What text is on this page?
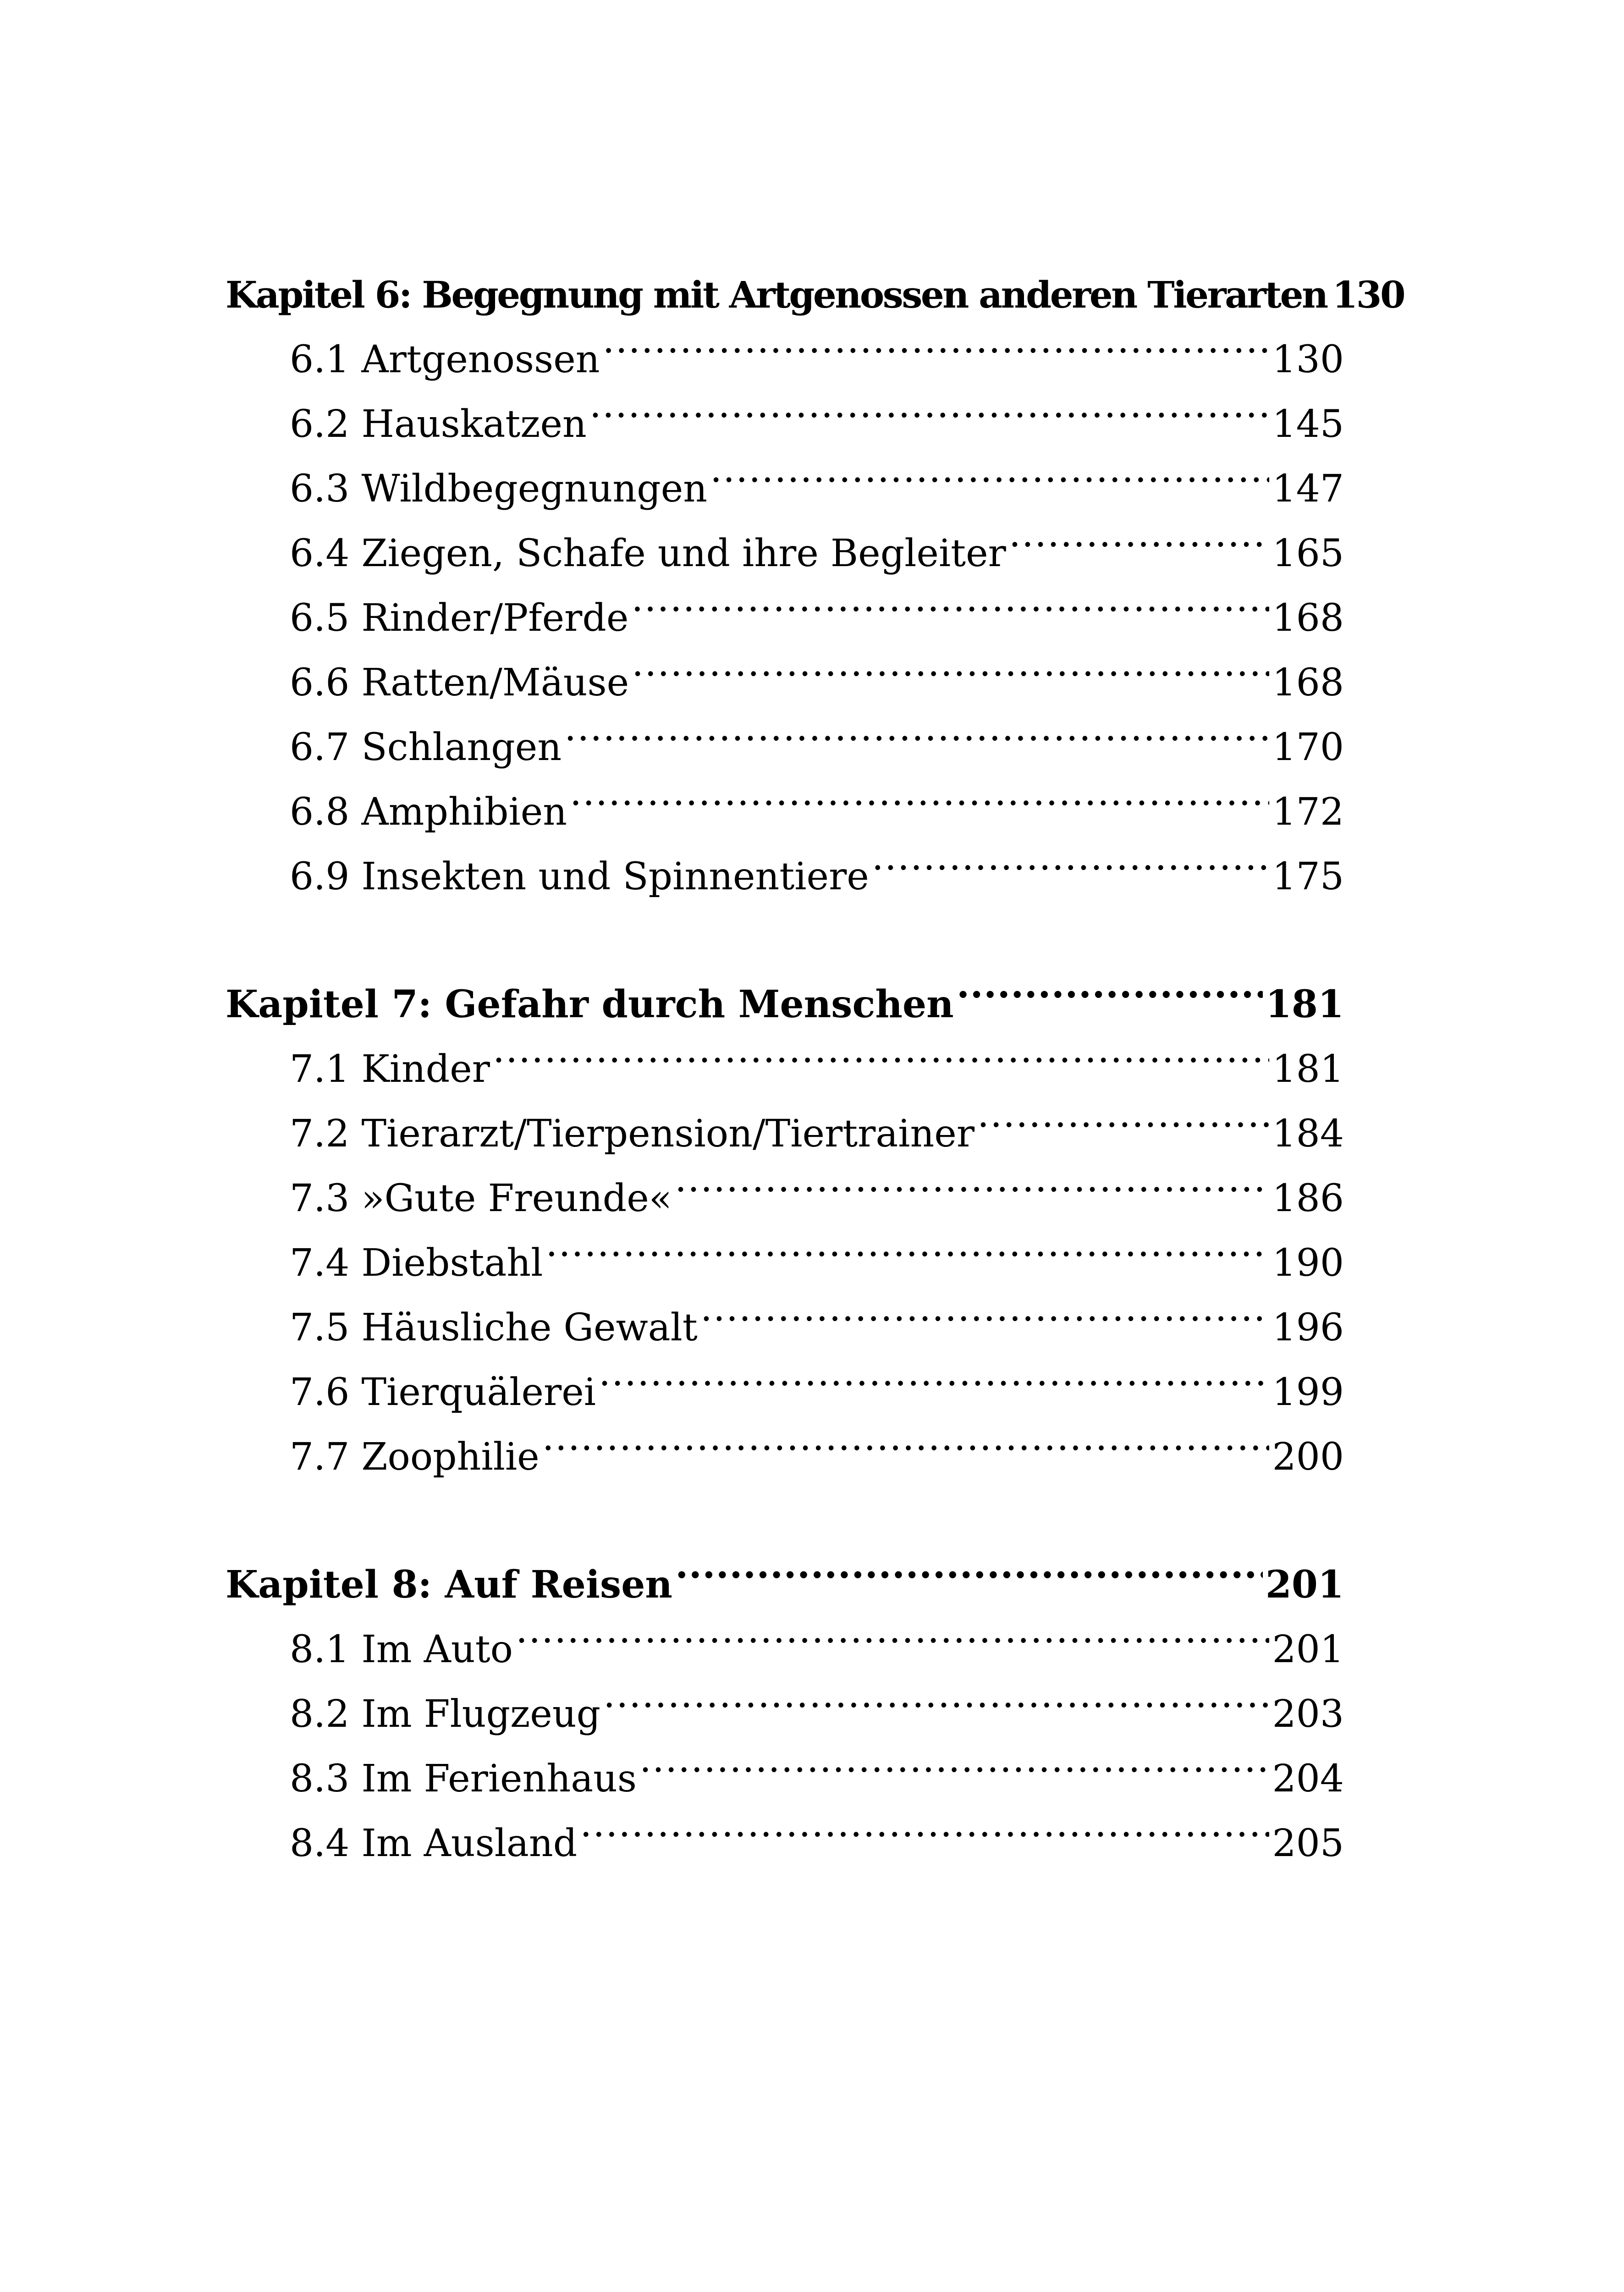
Kapitel 6: Begegnung mit Artgenossen anderen Tierarten 130
6.1 Artgenossen .....	130
6.2 Hauskatzen .....	145
6.3 Wildbegegnungen .....	147
6.4 Ziegen, Schafe und ihre Begleiter .....	165
6.5 Rinder/Pferde .....	168
6.6 Ratten/Mäuse .....	168
6.7 Schlangen .....	170
6.8 Amphibien .....	172
6.9 Insekten und Spinnentiere .....	175
Kapitel 7: Gefahr durch Menschen .....	181
7.1 Kinder .....	181
7.2 Tierarzt/Tierpension/Tiertrainer .....	184
7.3 »Gute Freunde« .....	186
7.4 Diebstahl .....	190
7.5 Häusliche Gewalt .....	196
7.6 Tierquälerei .....	199
7.7 Zoophilie .....	200
Kapitel 8: Auf Reisen .....	201
8.1 Im Auto .....	201
8.2 Im Flugzeug .....	203
8.3 Im Ferienhaus .....	204
8.4 Im Ausland .....	205
